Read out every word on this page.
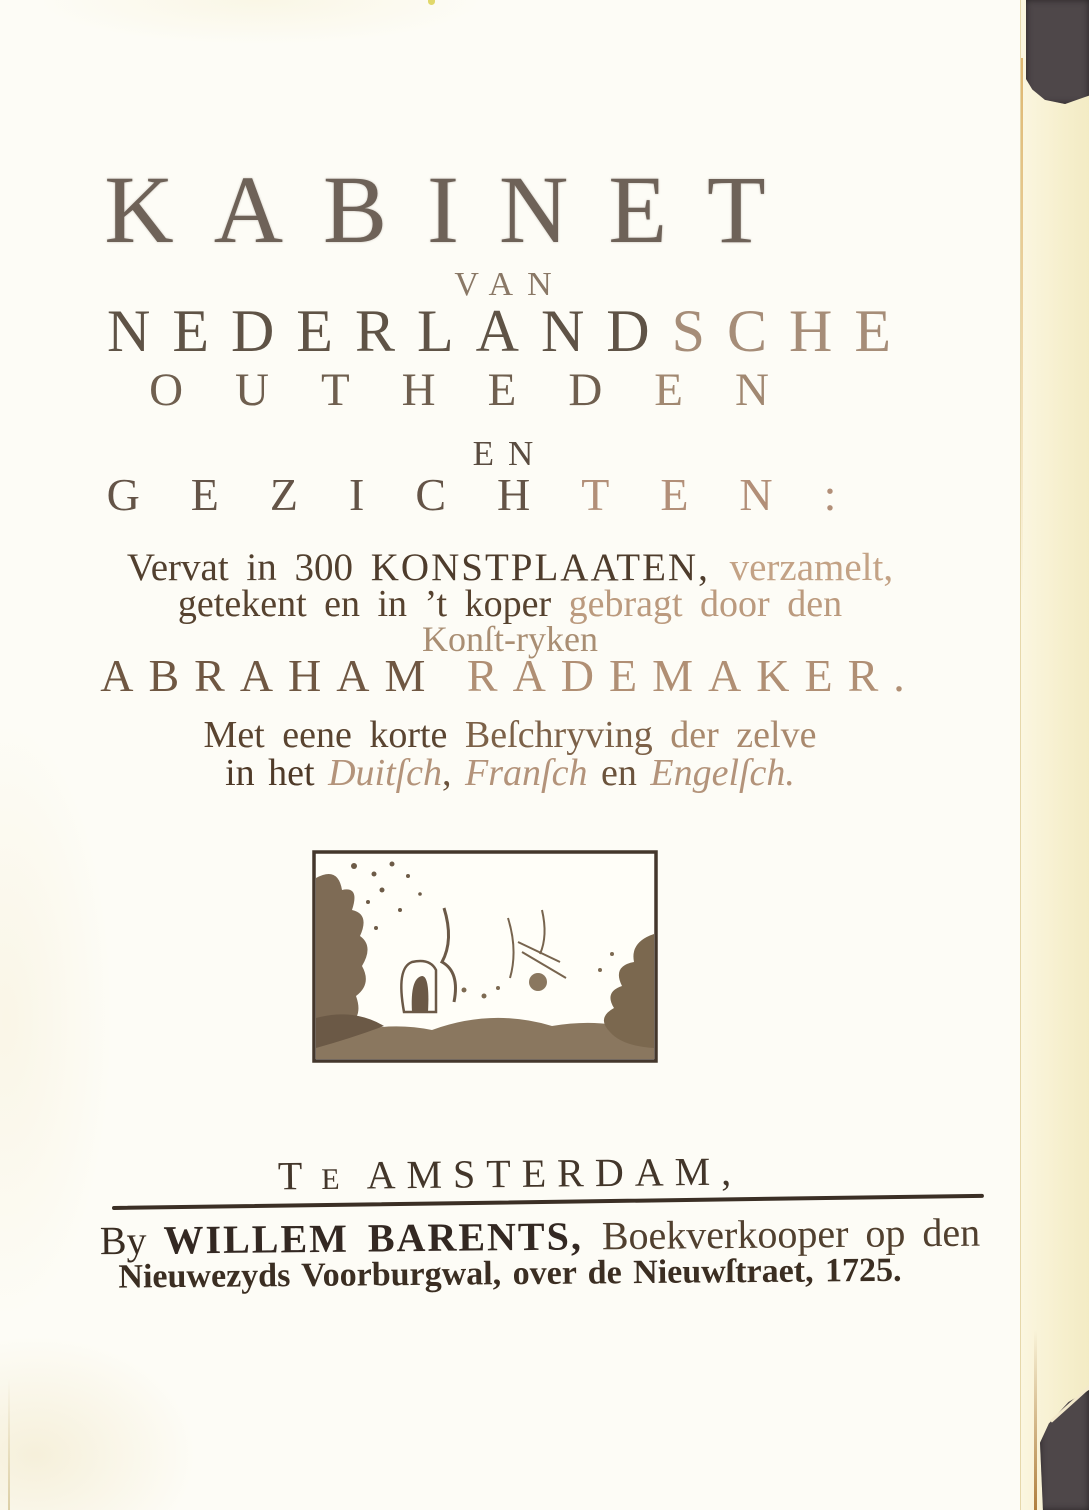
KABINET
VAN
NEDERLANDSCHE
OUTHEDEN
EN
GEZICHTEN:
Vervat in 300 KONSTPLAATEN, verzamelt,
getekent en in ’t koper gebragt door den
Konſt-ryken
ABRAHAM RADEMAKER.
Met eene korte Beſchryving der zelve
in het Duitſch, Franſch en Engelſch.
T E AMSTERDAM,
By WILLEM BARENTS, Boekverkooper op den
Nieuwezyds Voorburgwal, over de Nieuwſtraet, 1725.
